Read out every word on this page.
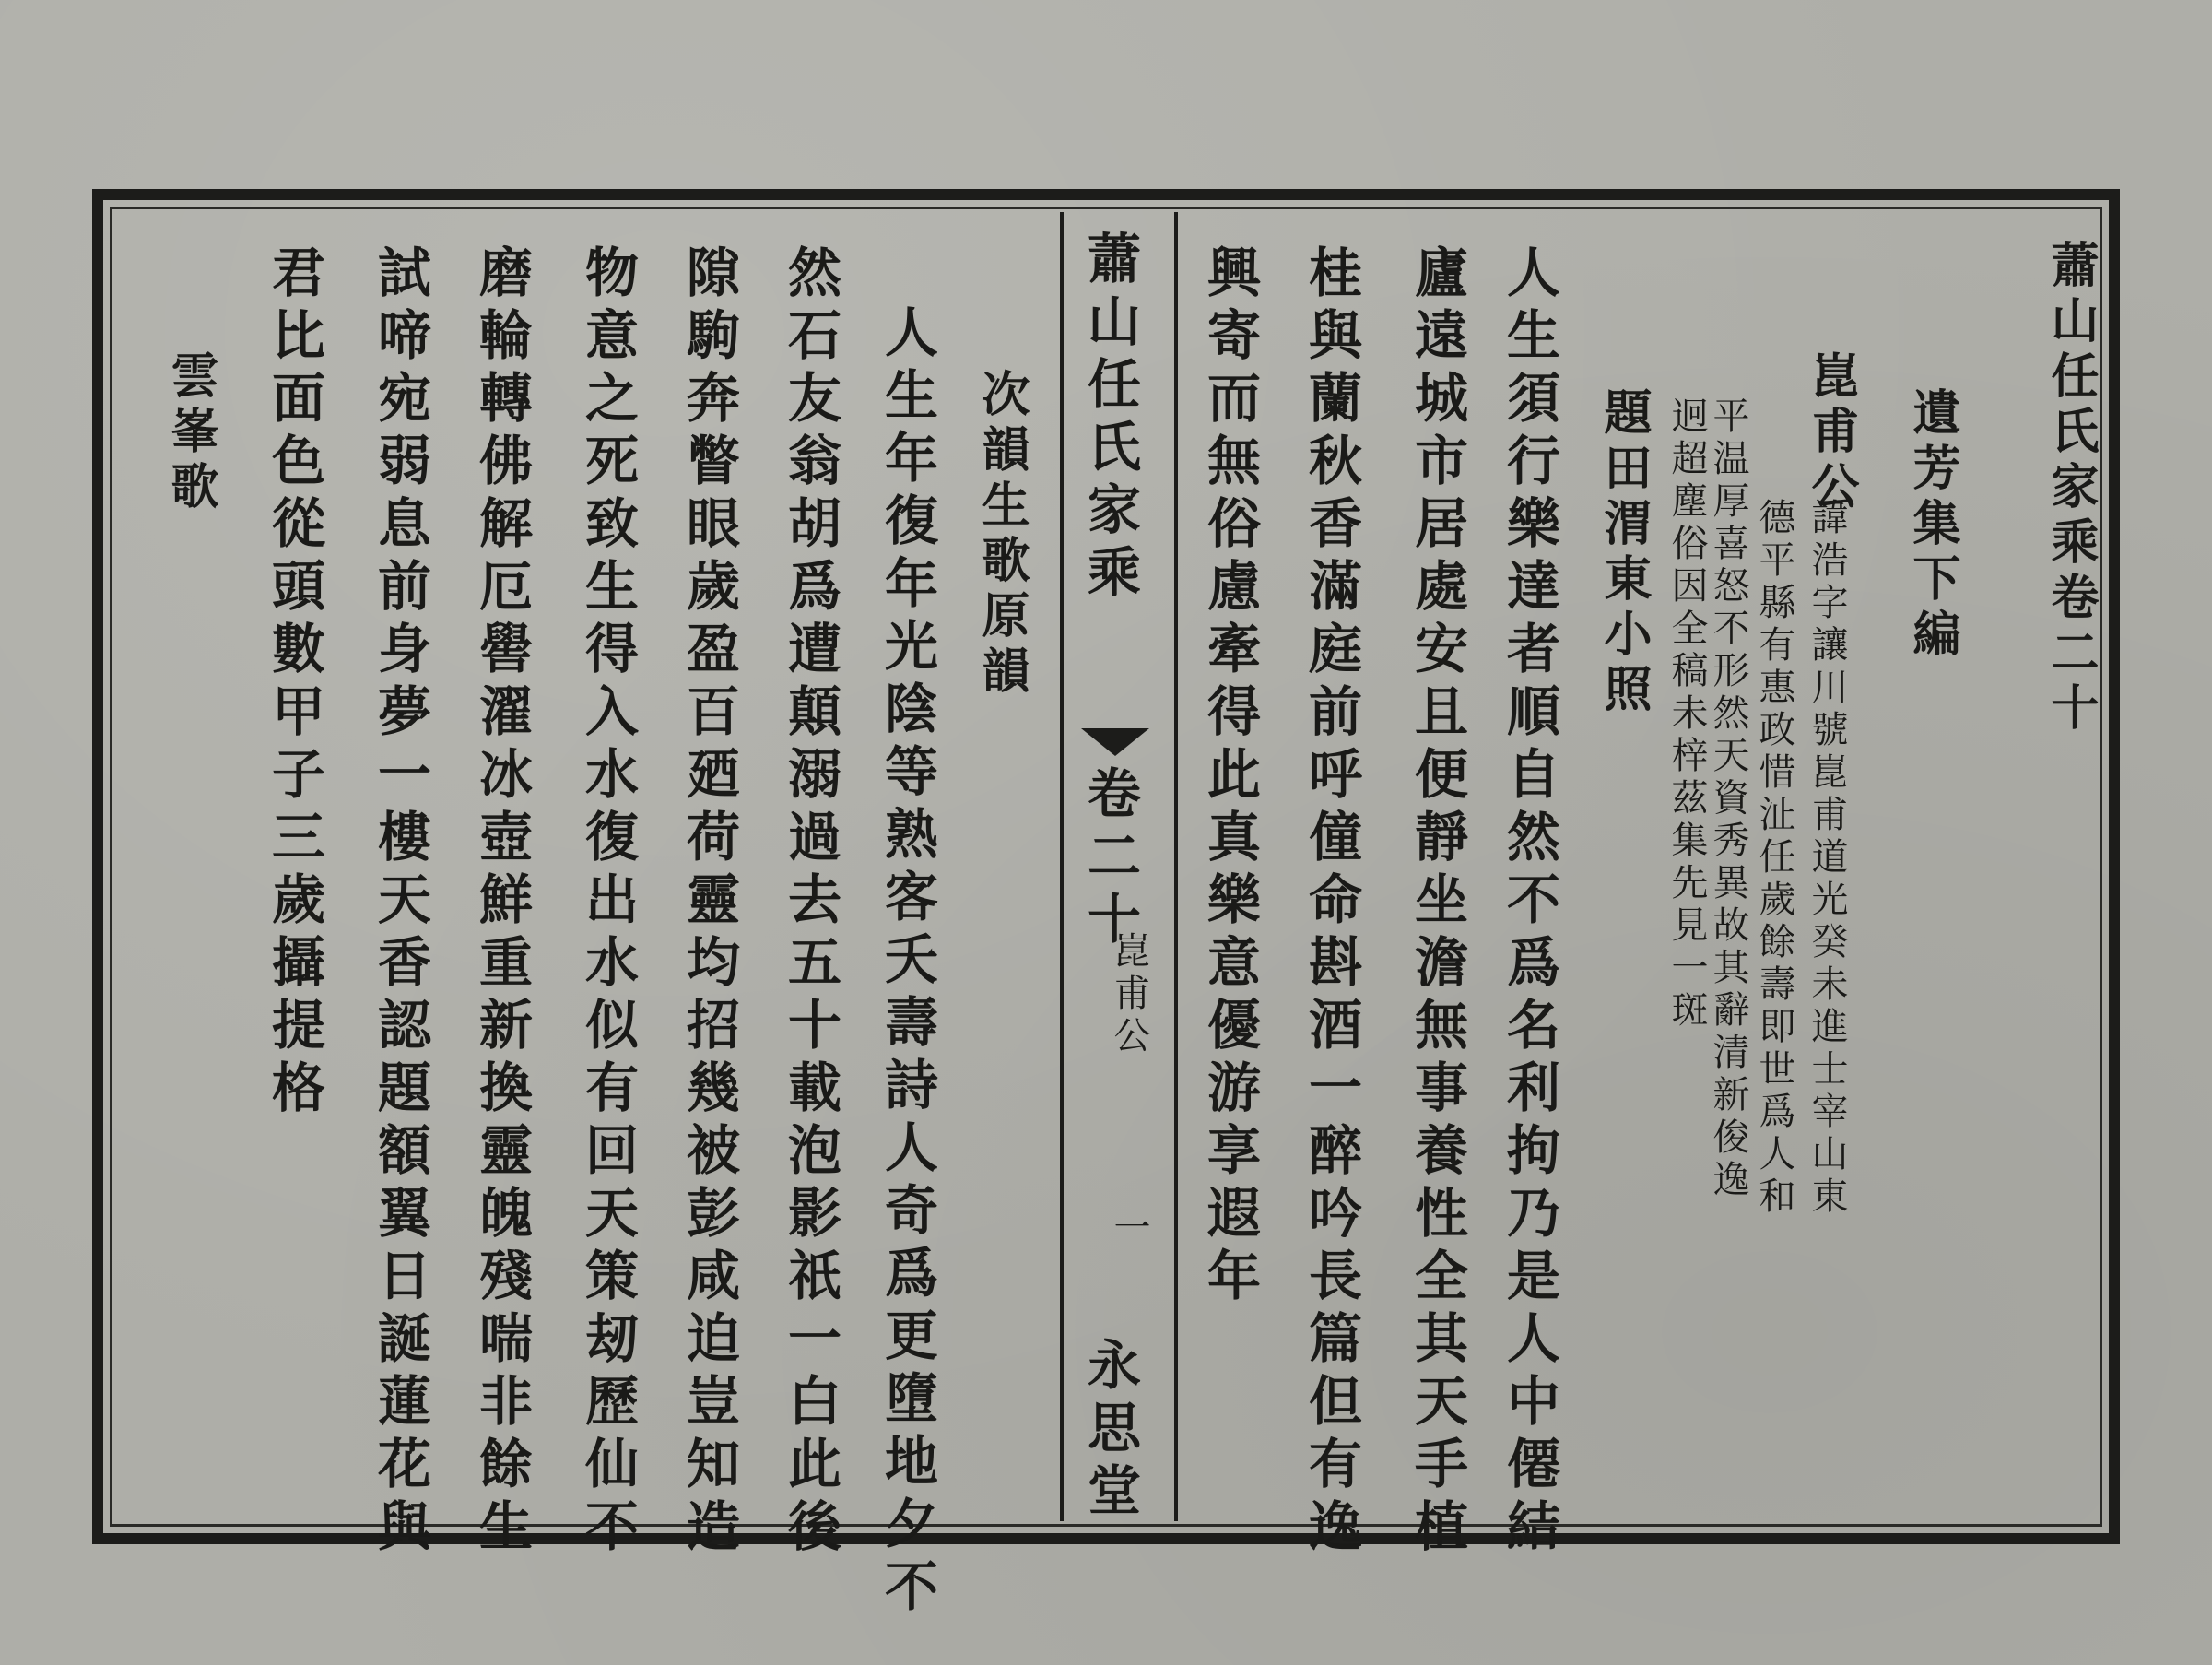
蕭山任氏家乘
卷二十
崑甫公
一
永思堂
蕭山任氏家乘卷二十
遺芳集下編
崑甫公
諱浩字讓川號崑甫道光癸未進士宰山東
德平縣有惠政惜沚任歲餘壽即世爲人和
平温厚喜怒不形然天資秀異故其辭清新俊逸
迥超塵俗因全稿未梓茲集先見一斑
題田渭東小照
人生須行樂達者順自然不爲名利拘乃是人中僊結
廬遠城市居處安且便靜坐澹無事養性全其天手植
桂與蘭秋香滿庭前呼僮命斟酒一醉吟長篇但有逸
興寄而無俗慮牽得此真樂意優游享遐年
次韻生歌原韻
人生年復年光陰等熟客夭壽詩人奇爲更墮地夕不
然石友翁胡爲遭顛溺過去五十載泡影祇一白此後
隙駒奔瞥眼歲盈百廼荷靈均招幾被彭咸迫豈知造
物意之死致生得入水復出水似有回天策刼歷仙不
磨輪轉佛解厄嚳濯冰壺鮮重新換靈魄殘喘非餘生
試啼宛弱息前身夢一樓天香認題額翼日誕蓮花與
君比面色從頭數甲子三歲攝提格
雲峯歌
